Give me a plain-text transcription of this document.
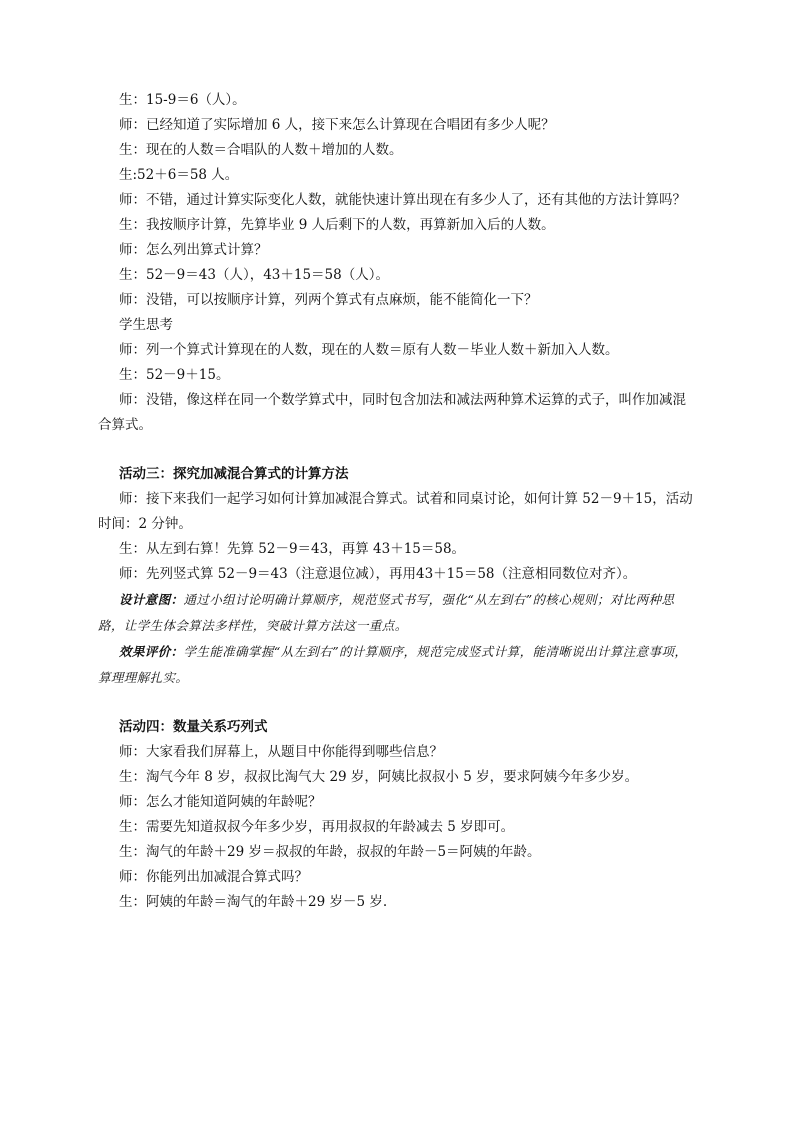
生：15-9＝6（人）。

师：已经知道了实际增加 6 人，接下来怎么计算现在合唱团有多少人呢？

生：现在的人数＝合唱队的人数＋增加的人数。

生:52＋6＝58 人。

师：不错，通过计算实际变化人数，就能快速计算出现在有多少人了，还有其他的方法计算吗？

生：我按顺序计算，先算毕业 9 人后剩下的人数，再算新加入后的人数。

师：怎么列出算式计算？

生：52－9＝43（人），43＋15＝58（人）。

师：没错，可以按顺序计算，列两个算式有点麻烦，能不能简化一下？

学生思考

师：列一个算式计算现在的人数，现在的人数＝原有人数－毕业人数＋新加入人数。

生：52－9＋15。

师：没错，像这样在同一个数学算式中，同时包含加法和减法两种算术运算的式子，叫作加减混合算式。

活动三：探究加减混合算式的计算方法

师：接下来我们一起学习如何计算加减混合算式。试着和同桌讨论，如何计算 52－9＋15，活动时间：2 分钟。

生：从左到右算！先算 52－9＝43，再算 43＋15＝58。

师：先列竖式算 52－9＝43（注意退位减），再用43＋15＝58（注意相同数位对齐）。

设计意图：通过小组讨论明确计算顺序，规范竖式书写，强化“从左到右”的核心规则；对比两种思路，让学生体会算法多样性，突破计算方法这一重点。

效果评价：学生能准确掌握“从左到右”的计算顺序，规范完成竖式计算，能清晰说出计算注意事项，算理理解扎实。

活动四：数量关系巧列式

师：大家看我们屏幕上，从题目中你能得到哪些信息？

生：淘气今年 8 岁，叔叔比淘气大 29 岁，阿姨比叔叔小 5 岁，要求阿姨今年多少岁。

师：怎么才能知道阿姨的年龄呢？

生：需要先知道叔叔今年多少岁，再用叔叔的年龄减去 5 岁即可。

生：淘气的年龄＋29 岁＝叔叔的年龄，叔叔的年龄－5＝阿姨的年龄。

师：你能列出加减混合算式吗？

生：阿姨的年龄＝淘气的年龄＋29 岁－5 岁.
